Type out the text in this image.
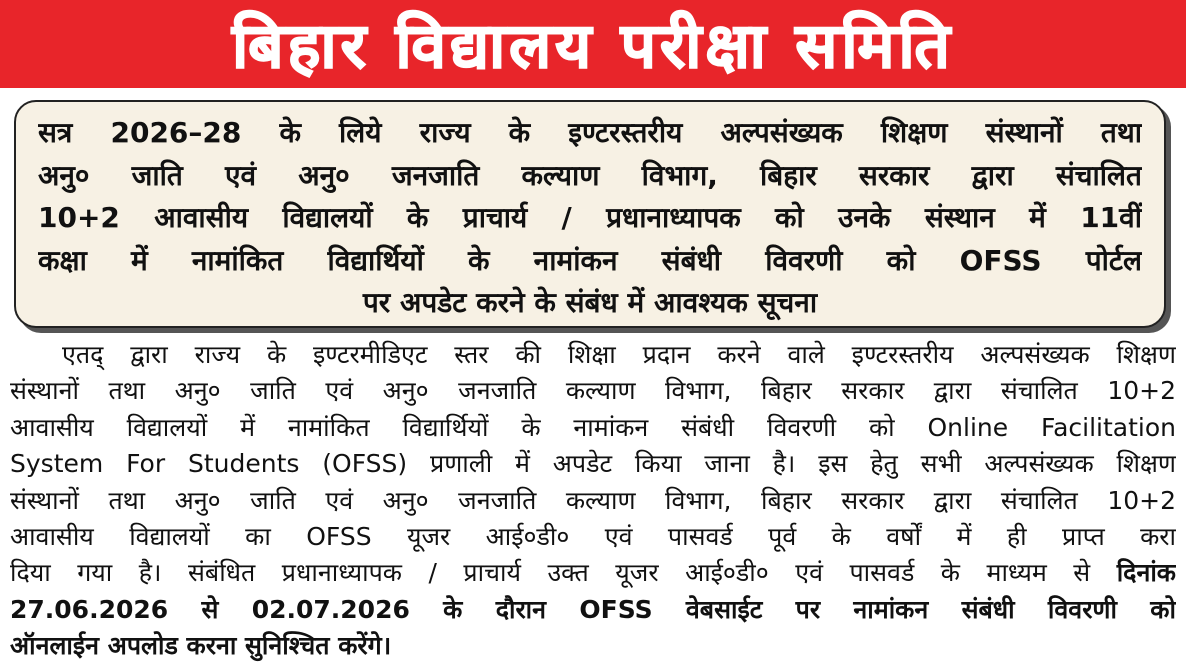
बिहार विद्यालय परीक्षा समिति
सत्र 2026–28 के लिये राज्य के इण्टरस्तरीय अल्पसंख्यक शिक्षण संस्थानों तथा
अनु० जाति एवं अनु० जनजाति कल्याण विभाग, बिहार सरकार द्वारा संचालित
10+2 आवासीय विद्यालयों के प्राचार्य / प्रधानाध्यापक को उनके संस्थान में 11वीं
कक्षा में नामांकित विद्यार्थियों के नामांकन संबंधी विवरणी को OFSS पोर्टल
पर अपडेट करने के संबंध में आवश्यक सूचना
एतद् द्वारा राज्य के इण्टरमीडिएट स्तर की शिक्षा प्रदान करने वाले इण्टरस्तरीय अल्पसंख्यक शिक्षण
संस्थानों तथा अनु० जाति एवं अनु० जनजाति कल्याण विभाग, बिहार सरकार द्वारा संचालित 10+2
आवासीय विद्यालयों में नामांकित विद्यार्थियों के नामांकन संबंधी विवरणी को Online Facilitation
System For Students (OFSS) प्रणाली में अपडेट किया जाना है। इस हेतु सभी अल्पसंख्यक शिक्षण
संस्थानों तथा अनु० जाति एवं अनु० जनजाति कल्याण विभाग, बिहार सरकार द्वारा संचालित 10+2
आवासीय विद्यालयों का OFSS यूजर आई०डी० एवं पासवर्ड पूर्व के वर्षों में ही प्राप्त करा
दिया गया है। संबंधित प्रधानाध्यापक / प्राचार्य उक्त यूजर आई०डी० एवं पासवर्ड के माध्यम से दिनांक
27.06.2026 से 02.07.2026 के दौरान OFSS वेबसाईट पर नामांकन संबंधी विवरणी को
ऑनलाईन अपलोड करना सुनिश्चित करेंगे।
